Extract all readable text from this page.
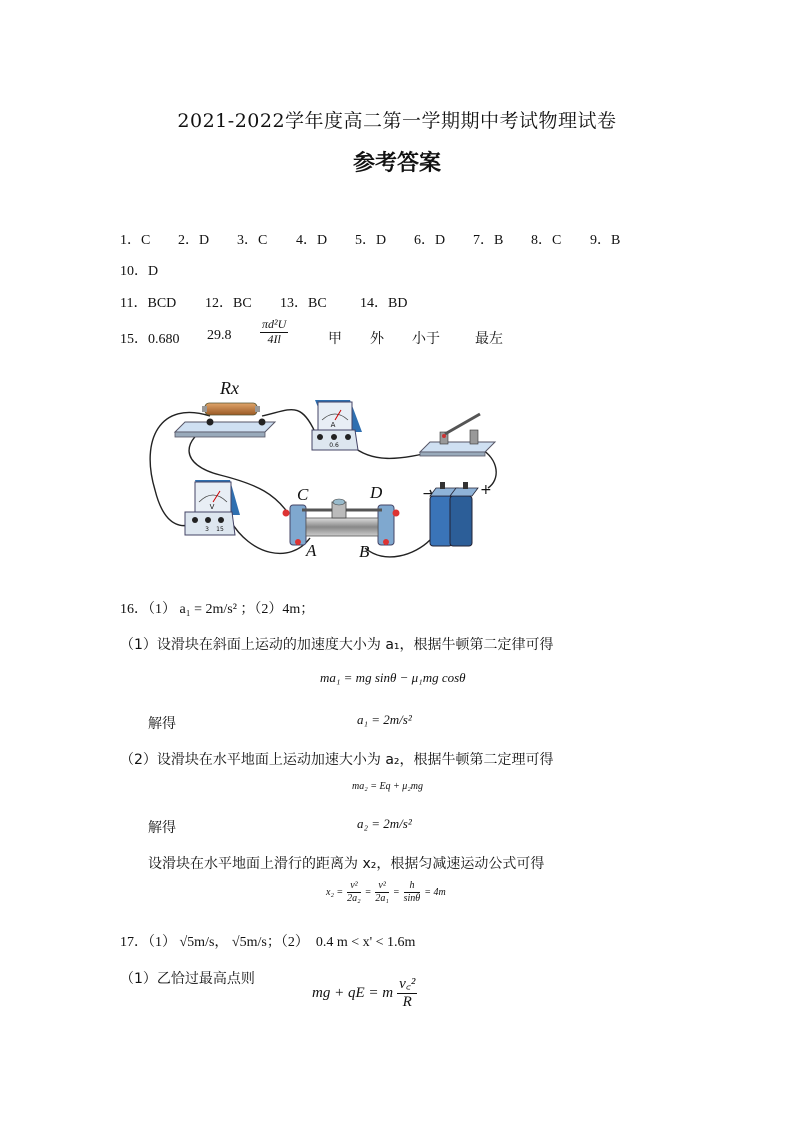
2021-2022学年度高二第一学期期中考试物理试卷
参考答案
1．C 2．D 3．C 4．D 5．D 6．D 7．B 8．C 9．B
10．D
11．BCD 12．BC 13．BC 14．BD
15．0.680 $29.8 \frac{\text{πd²U}}{4Il}$	甲 外 小于	最左
Rx
A
0.6
V
3 15
C	D
A	B
−	+
16．（1） a₁ = 2m/s² ；（2）4m；
（1）设滑块在斜面上运动的加速度大小为 a₁，根据牛顿第二定律可得
ma₁ = mg sinθ − μ₁mg cosθ
解得	a₁ = 2m/s²
（2）设滑块在水平地面上运动加速大小为 a₂，根据牛顿第二定理可得
ma₂ = Eq + μ₂mg
解得	a₂ = 2m/s²
设滑块在水平地面上滑行的距离为 x₂，根据匀减速运动公式可得
$x_2 = \frac{\text{v²}}{\text{2a₂}} = \frac{\text{v²}}{\text{2a₁}} = \frac{h}{\sin\theta} = 4m$
17．（1） √5m/s， √5m/s；（2）　0.4 m < x' < 1.6m
（1）乙恰过最高点则
mg + qE = m $\frac{\text{v꜀²}}{R}$
